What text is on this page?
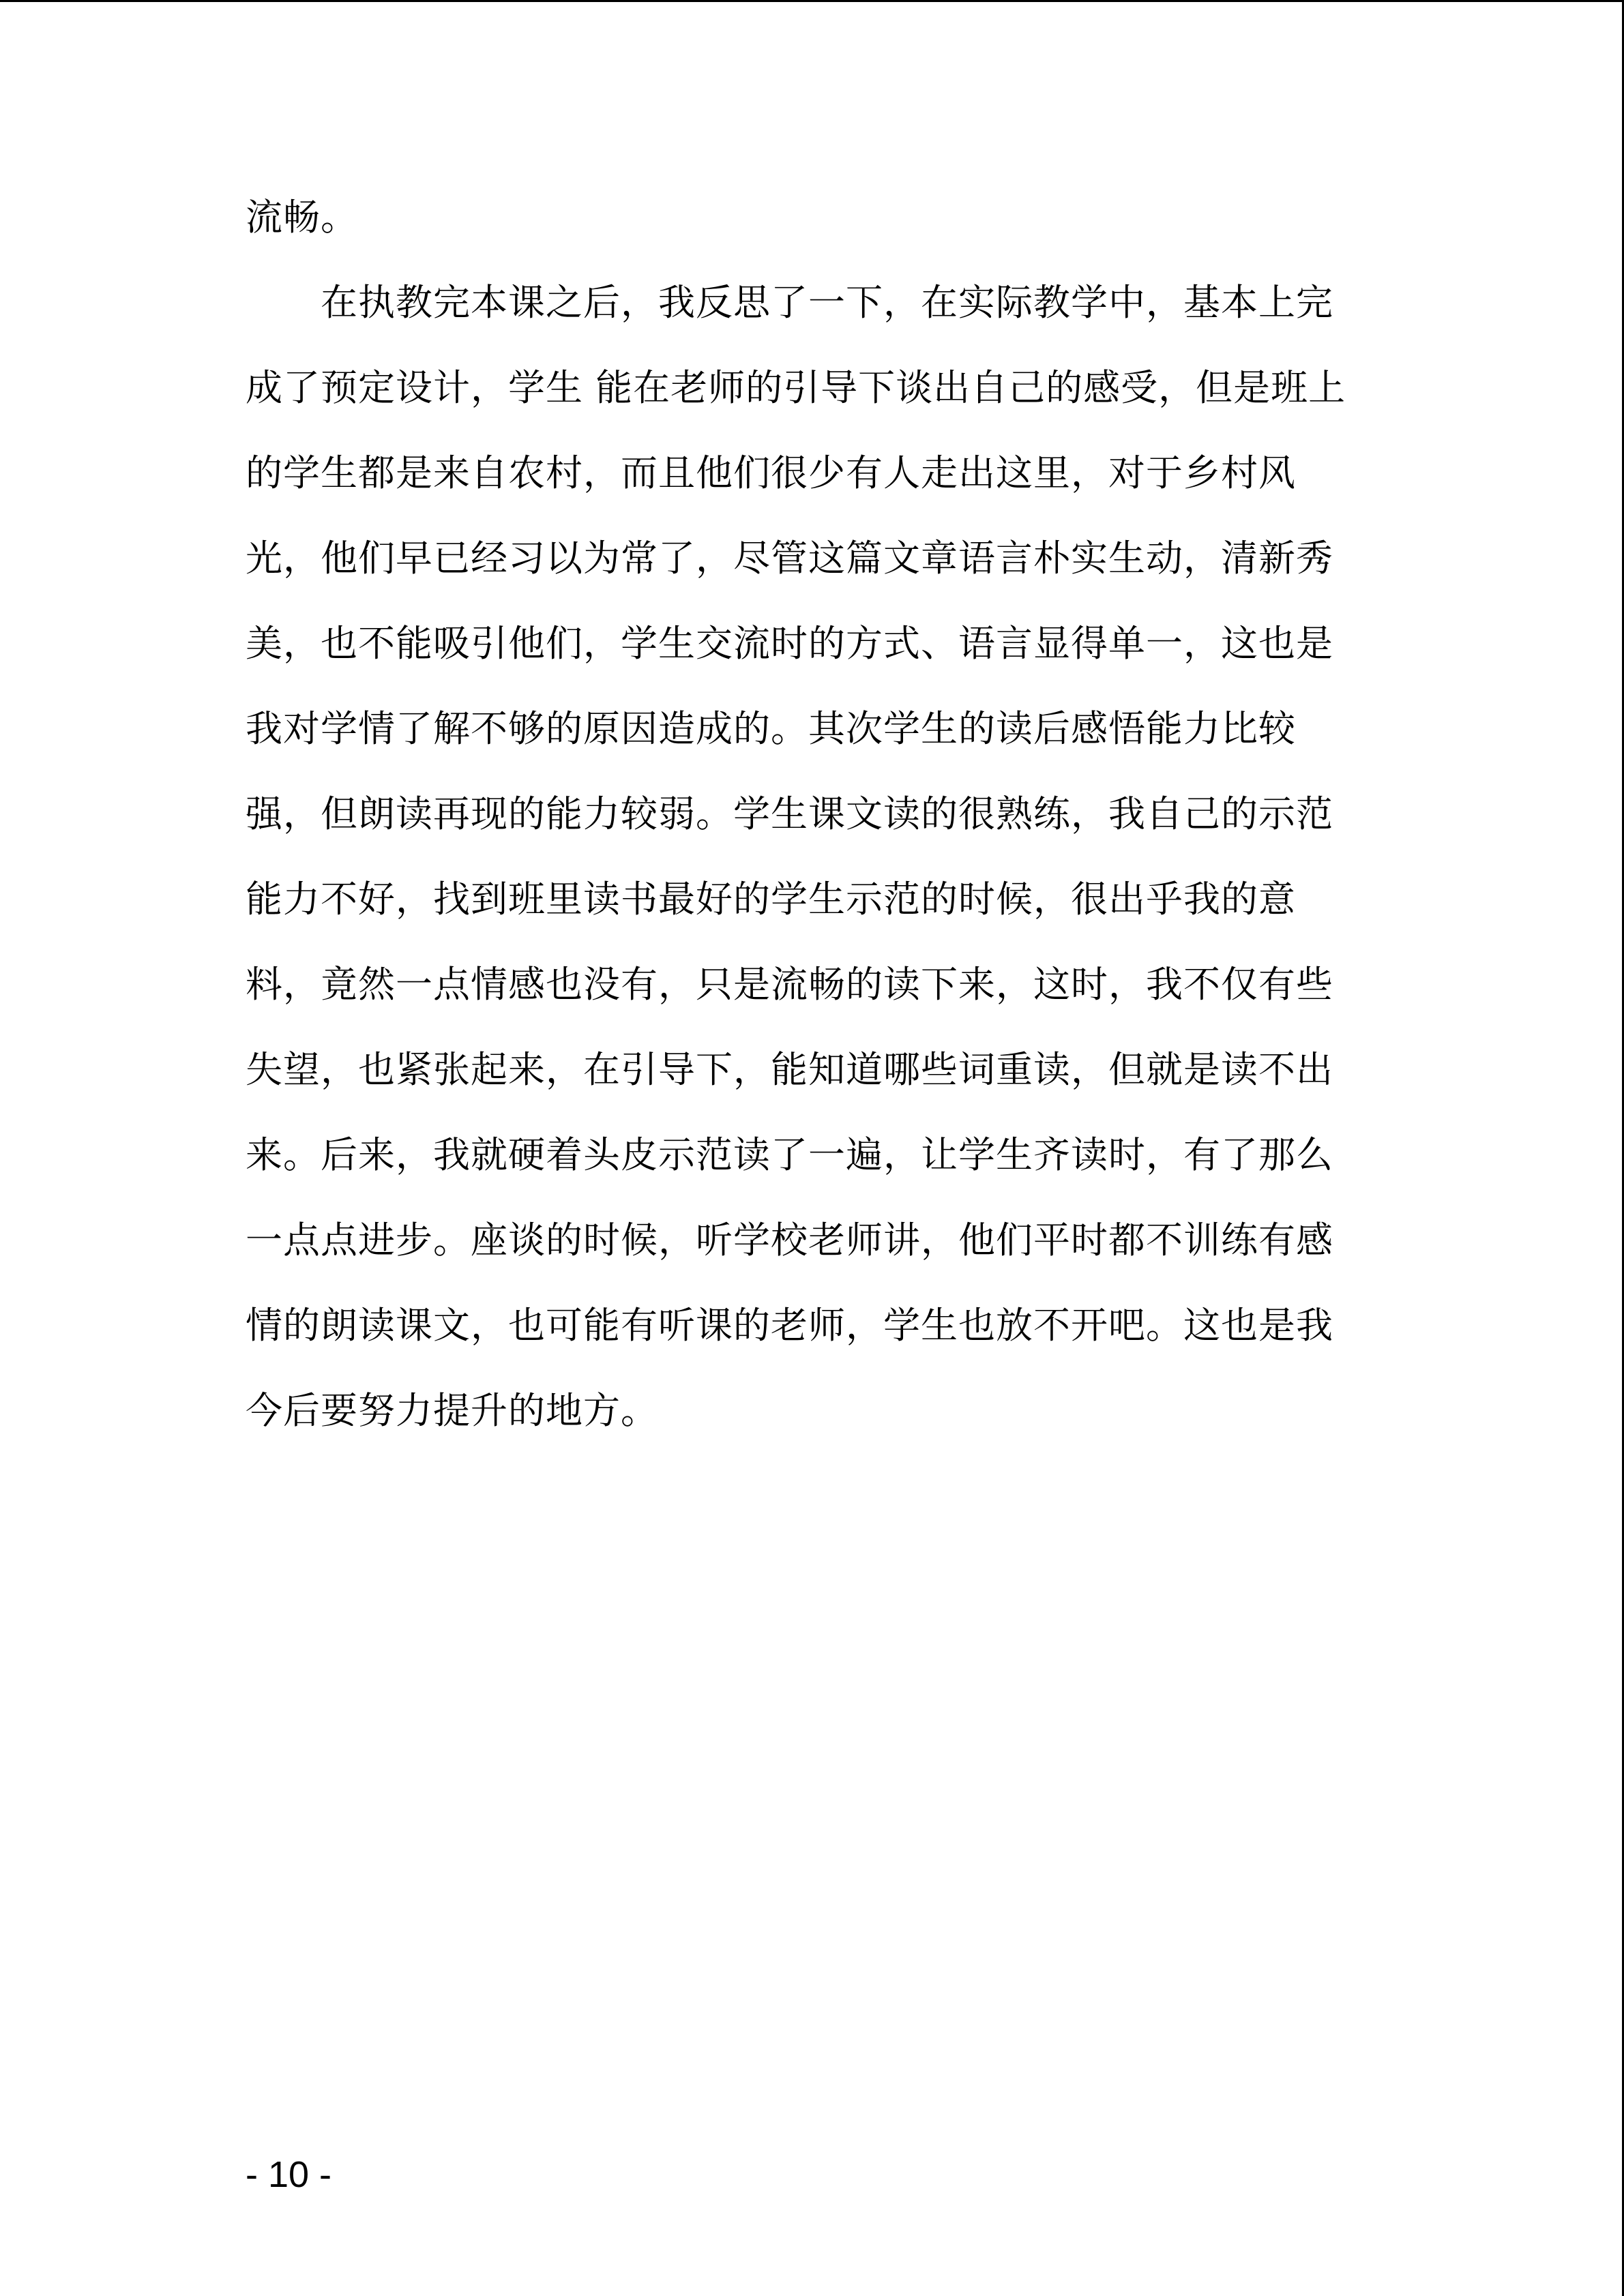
流畅。
　　在执教完本课之后，我反思了一下，在实际教学中，基本上完
成了预定设计，学生 能在老师的引导下谈出自己的感受，但是班上
的学生都是来自农村，而且他们很少有人走出这里，对于乡村风
光，他们早已经习以为常了，尽管这篇文章语言朴实生动，清新秀
美，也不能吸引他们，学生交流时的方式、语言显得单一，这也是
我对学情了解不够的原因造成的。其次学生的读后感悟能力比较
强，但朗读再现的能力较弱。学生课文读的很熟练，我自己的示范
能力不好，找到班里读书最好的学生示范的时候，很出乎我的意
料，竟然一点情感也没有，只是流畅的读下来，这时，我不仅有些
失望，也紧张起来，在引导下，能知道哪些词重读，但就是读不出
来。后来，我就硬着头皮示范读了一遍，让学生齐读时，有了那么
一点点进步。座谈的时候，听学校老师讲，他们平时都不训练有感
情的朗读课文，也可能有听课的老师，学生也放不开吧。这也是我
今后要努力提升的地方。
- 10 -
